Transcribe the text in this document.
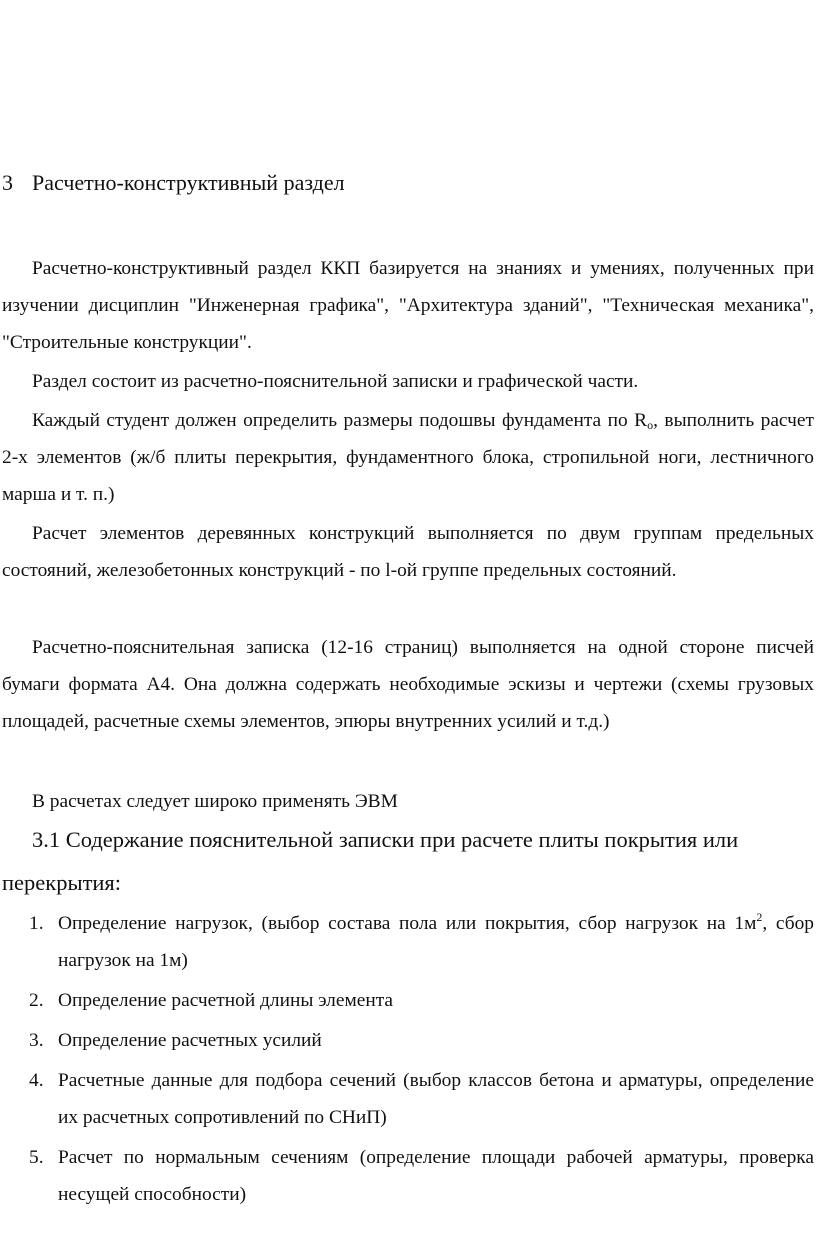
3 Расчетно-конструктивный раздел

Расчетно-конструктивный раздел ККП базируется на знаниях и умениях, полученных при изучении дисциплин "Инженерная графика", "Архитектура зданий", "Техническая механика", "Строительные конструкции".

Раздел состоит из расчетно-пояснительной записки и графической части.

Каждый студент должен определить размеры подошвы фундамента по $R_о$, выполнить расчет 2-х элементов (ж/б плиты перекрытия, фундаментного блока, стропильной ноги, лестничного марша и т. п.)

Расчет элементов деревянных конструкций выполняется по двум группам предельных состояний, железобетонных конструкций - по l-ой группе предельных состояний.

Расчетно-пояснительная записка (12-16 страниц) выполняется на одной стороне писчей бумаги формата А4. Она должна содержать необходимые эскизы и чертежи (схемы грузовых площадей, расчетные схемы элементов, эпюры внутренних усилий и т.д.)

В расчетах следует широко применять ЭВМ

3.1 Содержание пояснительной записки при расчете плиты покрытия или перекрытия:

1. Определение нагрузок, (выбор состава пола или покрытия, сбор нагрузок на $1м^2$, сбор нагрузок на 1м)
2. Определение расчетной длины элемента
3. Определение расчетных усилий
4. Расчетные данные для подбора сечений (выбор классов бетона и арматуры, определение их расчетных сопротивлений по СНиП)
5. Расчет по нормальным сечениям (определение площади рабочей арматуры, проверка несущей способности)
